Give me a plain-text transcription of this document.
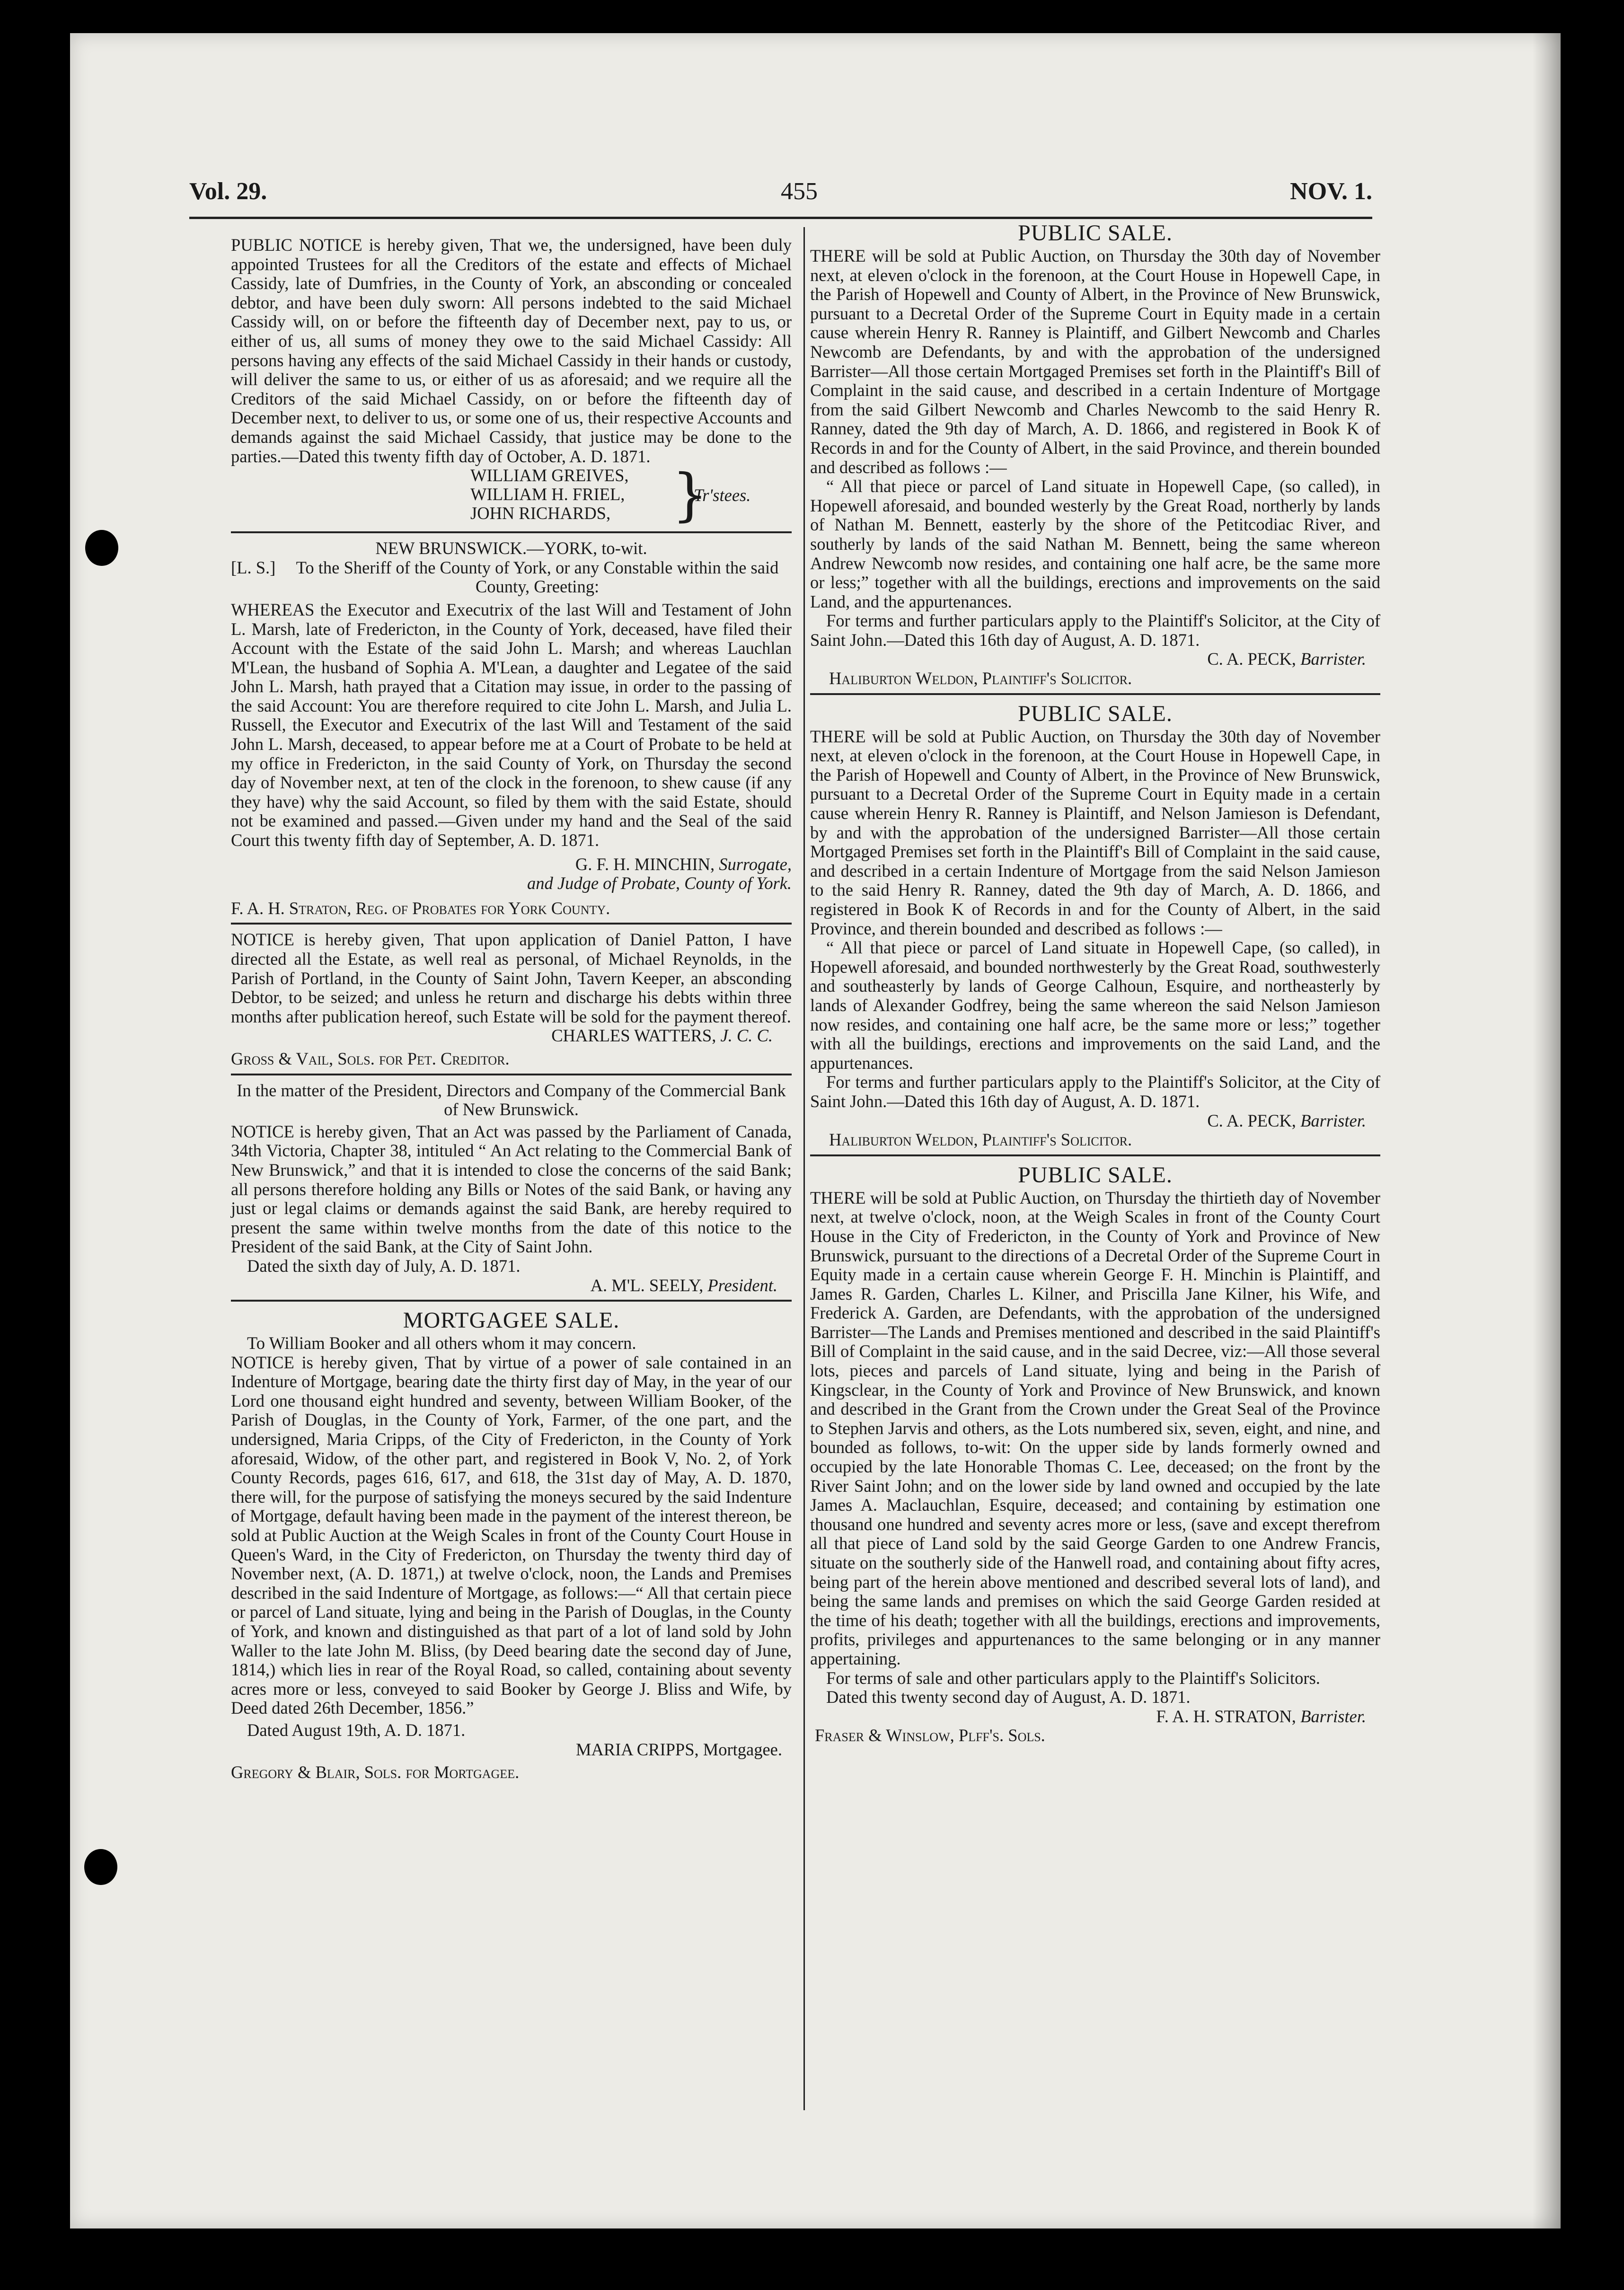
Vol. 29.	455	NOV. 1.

PUBLIC NOTICE is hereby given, That we, the undersigned, have been duly appointed Trustees for all the Creditors of the estate and effects of Michael Cassidy, late of Dumfries, in the County of York, an absconding or concealed debtor, and have been duly sworn: All persons indebted to the said Michael Cassidy will, on or before the fifteenth day of December next, pay to us, or either of us, all sums of money they owe to the said Michael Cassidy: All persons having any effects of the said Michael Cassidy in their hands or custody, will deliver the same to us, or either of us as aforesaid; and we require all the Creditors of the said Michael Cassidy, on or before the fifteenth day of December next, to deliver to us, or some one of us, their respective Accounts and demands against the said Michael Cassidy, that justice may be done to the parties.—Dated this twenty fifth day of October, A. D. 1871.

WILLIAM GREIVES,
WILLIAM H. FRIEL,
JOHN RICHARDS,	}
Tr'stees.

NEW BRUNSWICK.—YORK, to-wit.

[L. S.]	To the Sheriff of the County of York, or any Constable within the said County, Greeting:

WHEREAS the Executor and Executrix of the last Will and Testament of John L. Marsh, late of Fredericton, in the County of York, deceased, have filed their Account with the Estate of the said John L. Marsh; and whereas Lauchlan M'Lean, the husband of Sophia A. M'Lean, a daughter and Legatee of the said John L. Marsh, hath prayed that a Citation may issue, in order to the passing of the said Account: You are therefore required to cite John L. Marsh, and Julia L. Russell, the Executor and Executrix of the last Will and Testament of the said John L. Marsh, deceased, to appear before me at a Court of Probate to be held at my office in Fredericton, in the said County of York, on Thursday the second day of November next, at ten of the clock in the forenoon, to shew cause (if any they have) why the said Account, so filed by them with the said Estate, should not be examined and passed.—Given under my hand and the Seal of the said Court this twenty fifth day of September, A. D. 1871.

G. F. H. MINCHIN, Surrogate,

and Judge of Probate, County of York.

F. A. H. Straton, Reg. of Probates for York County.

NOTICE is hereby given, That upon application of Daniel Patton, I have directed all the Estate, as well real as personal, of Michael Reynolds, in the Parish of Portland, in the County of Saint John, Tavern Keeper, an absconding Debtor, to be seized; and unless he return and discharge his debts within three months after publication hereof, such Estate will be sold for the payment thereof.

CHARLES WATTERS, J. C. C.

Gross & Vail, Sols. for Pet. Creditor.

In the matter of the President, Directors and Company of the Commercial Bank of New Brunswick.

NOTICE is hereby given, That an Act was passed by the Parliament of Canada, 34th Victoria, Chapter 38, intituled “ An Act relating to the Commercial Bank of New Brunswick,” and that it is intended to close the concerns of the said Bank; all persons therefore holding any Bills or Notes of the said Bank, or having any just or legal claims or demands against the said Bank, are hereby required to present the same within twelve months from the date of this notice to the President of the said Bank, at the City of Saint John.

Dated the sixth day of July, A. D. 1871.

A. M'L. SEELY, President.

MORTGAGEE SALE.

To William Booker and all others whom it may concern.

NOTICE is hereby given, That by virtue of a power of sale contained in an Indenture of Mortgage, bearing date the thirty first day of May, in the year of our Lord one thousand eight hundred and seventy, between William Booker, of the Parish of Douglas, in the County of York, Farmer, of the one part, and the undersigned, Maria Cripps, of the City of Fredericton, in the County of York aforesaid, Widow, of the other part, and registered in Book V, No. 2, of York County Records, pages 616, 617, and 618, the 31st day of May, A. D. 1870, there will, for the purpose of satisfying the moneys secured by the said Indenture of Mortgage, default having been made in the payment of the interest thereon, be sold at Public Auction at the Weigh Scales in front of the County Court House in Queen's Ward, in the City of Fredericton, on Thursday the twenty third day of November next, (A. D. 1871,) at twelve o'clock, noon, the Lands and Premises described in the said Indenture of Mortgage, as follows:—“ All that certain piece or parcel of Land situate, lying and being in the Parish of Douglas, in the County of York, and known and distinguished as that part of a lot of land sold by John Waller to the late John M. Bliss, (by Deed bearing date the second day of June, 1814,) which lies in rear of the Royal Road, so called, containing about seventy acres more or less, conveyed to said Booker by George J. Bliss and Wife, by Deed dated 26th December, 1856.”

Dated August 19th, A. D. 1871.

MARIA CRIPPS, Mortgagee.

Gregory & Blair, Sols. for Mortgagee.

PUBLIC SALE.

THERE will be sold at Public Auction, on Thursday the 30th day of November next, at eleven o'clock in the forenoon, at the Court House in Hopewell Cape, in the Parish of Hopewell and County of Albert, in the Province of New Brunswick, pursuant to a Decretal Order of the Supreme Court in Equity made in a certain cause wherein Henry R. Ranney is Plaintiff, and Gilbert Newcomb and Charles Newcomb are Defendants, by and with the approbation of the undersigned Barrister—All those certain Mortgaged Premises set forth in the Plaintiff's Bill of Complaint in the said cause, and described in a certain Indenture of Mortgage from the said Gilbert Newcomb and Charles Newcomb to the said Henry R. Ranney, dated the 9th day of March, A. D. 1866, and registered in Book K of Records in and for the County of Albert, in the said Province, and therein bounded and described as follows :—

“ All that piece or parcel of Land situate in Hopewell Cape, (so called), in Hopewell aforesaid, and bounded westerly by the Great Road, northerly by lands of Nathan M. Bennett, easterly by the shore of the Petitcodiac River, and southerly by lands of the said Nathan M. Bennett, being the same whereon Andrew Newcomb now resides, and containing one half acre, be the same more or less;” together with all the buildings, erections and improvements on the said Land, and the appurtenances.

For terms and further particulars apply to the Plaintiff's Solicitor, at the City of Saint John.—Dated this 16th day of August, A. D. 1871.

C. A. PECK, Barrister.

Haliburton Weldon, Plaintiff's Solicitor.

PUBLIC SALE.

THERE will be sold at Public Auction, on Thursday the 30th day of November next, at eleven o'clock in the forenoon, at the Court House in Hopewell Cape, in the Parish of Hopewell and County of Albert, in the Province of New Brunswick, pursuant to a Decretal Order of the Supreme Court in Equity made in a certain cause wherein Henry R. Ranney is Plaintiff, and Nelson Jamieson is Defendant, by and with the approbation of the undersigned Barrister—All those certain Mortgaged Premises set forth in the Plaintiff's Bill of Complaint in the said cause, and described in a certain Indenture of Mortgage from the said Nelson Jamieson to the said Henry R. Ranney, dated the 9th day of March, A. D. 1866, and registered in Book K of Records in and for the County of Albert, in the said Province, and therein bounded and described as follows :—

“ All that piece or parcel of Land situate in Hopewell Cape, (so called), in Hopewell aforesaid, and bounded northwesterly by the Great Road, southwesterly and southeasterly by lands of George Calhoun, Esquire, and northeasterly by lands of Alexander Godfrey, being the same whereon the said Nelson Jamieson now resides, and containing one half acre, be the same more or less;” together with all the buildings, erections and improvements on the said Land, and the appurtenances.

For terms and further particulars apply to the Plaintiff's Solicitor, at the City of Saint John.—Dated this 16th day of August, A. D. 1871.

C. A. PECK, Barrister.

Haliburton Weldon, Plaintiff's Solicitor.

PUBLIC SALE.

THERE will be sold at Public Auction, on Thursday the thirtieth day of November next, at twelve o'clock, noon, at the Weigh Scales in front of the County Court House in the City of Fredericton, in the County of York and Province of New Brunswick, pursuant to the directions of a Decretal Order of the Supreme Court in Equity made in a certain cause wherein George F. H. Minchin is Plaintiff, and James R. Garden, Charles L. Kilner, and Priscilla Jane Kilner, his Wife, and Frederick A. Garden, are Defendants, with the approbation of the undersigned Barrister—The Lands and Premises mentioned and described in the said Plaintiff's Bill of Complaint in the said cause, and in the said Decree, viz:—All those several lots, pieces and parcels of Land situate, lying and being in the Parish of Kingsclear, in the County of York and Province of New Brunswick, and known and described in the Grant from the Crown under the Great Seal of the Province to Stephen Jarvis and others, as the Lots numbered six, seven, eight, and nine, and bounded as follows, to-wit: On the upper side by lands formerly owned and occupied by the late Honorable Thomas C. Lee, deceased; on the front by the River Saint John; and on the lower side by land owned and occupied by the late James A. Maclauchlan, Esquire, deceased; and containing by estimation one thousand one hundred and seventy acres more or less, (save and except therefrom all that piece of Land sold by the said George Garden to one Andrew Francis, situate on the southerly side of the Hanwell road, and containing about fifty acres, being part of the herein above mentioned and described several lots of land), and being the same lands and premises on which the said George Garden resided at the time of his death; together with all the buildings, erections and improvements, profits, privileges and appurtenances to the same belonging or in any manner appertaining.

For terms of sale and other particulars apply to the Plaintiff's Solicitors.

Dated this twenty second day of August, A. D. 1871.

F. A. H. STRATON, Barrister.

Fraser & Winslow, Plff's. Sols.
